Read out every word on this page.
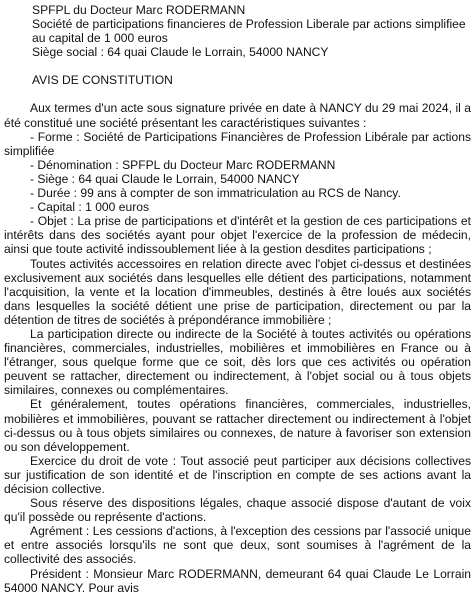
SPFPL du Docteur Marc RODERMANN

Société de participations financieres de Profession Liberale par actions simplifiee

au capital de 1 000 euros

Siège social : 64 quai Claude le Lorrain, 54000 NANCY

AVIS DE CONSTITUTION

Aux termes d'un acte sous signature privée en date à NANCY du 29 mai 2024, il a été constitué une société présentant les caractéristiques suivantes :

- Forme : Société de Participations Financières de Profession Libérale par actions simplifiée

- Dénomination : SPFPL du Docteur Marc RODERMANN

- Siège : 64 quai Claude le Lorrain, 54000 NANCY

- Durée : 99 ans à compter de son immatriculation au RCS de Nancy.

- Capital : 1 000 euros

- Objet : La prise de participations et d'intérêt et la gestion de ces participations et intérêts dans des sociétés ayant pour objet l'exercice de la profession de médecin, ainsi que toute activité indissoublement liée à la gestion desdites participations ;

Toutes activités accessoires en relation directe avec l'objet ci-dessus et destinées exclusivement aux sociétés dans lesquelles elle détient des participations, notamment l'acquisition, la vente et la location d'immeubles, destinés à être loués aux sociétés dans lesquelles la société détient une prise de participation, directement ou par la détention de titres de sociétés à prépondérance immobilière ;

La participation directe ou indirecte de la Société à toutes activités ou opérations financières, commerciales, industrielles, mobilières et immobilières en France ou à l'étranger, sous quelque forme que ce soit, dès lors que ces activités ou opération peuvent se rattacher, directement ou indirectement, à l'objet social ou à tous objets similaires, connexes ou complémentaires.

Et généralement, toutes opérations financières, commerciales, industrielles, mobilières et immobilières, pouvant se rattacher directement ou indirectement à l'objet ci-dessus ou à tous objets similaires ou connexes, de nature à favoriser son extension ou son développement.

Exercice du droit de vote : Tout associé peut participer aux décisions collectives sur justification de son identité et de l'inscription en compte de ses actions avant la décision collective.

Sous réserve des dispositions légales, chaque associé dispose d'autant de voix qu'il possède ou représente d'actions.

Agrément : Les cessions d'actions, à l'exception des cessions par l'associé unique et entre associés lorsqu'ils ne sont que deux, sont soumises à l'agrément de la collectivité des associés.

Président : Monsieur Marc RODERMANN, demeurant 64 quai Claude Le Lorrain 54000 NANCY. Pour avis
